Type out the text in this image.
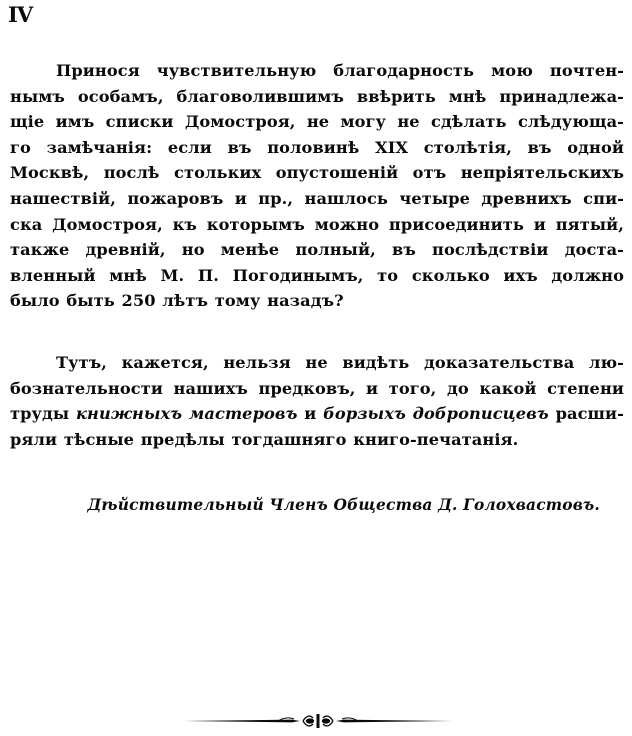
IV
Принося чувствительную благодарность мою почтен-
нымъ особамъ, благоволившимъ ввѣрить мнѣ принадлежа-
щіе имъ списки Домостроя, не могу не сдѣлать слѣдующа-
го замѣчанія: если въ половинѣ XIX столѣтія, въ одной
Москвѣ, послѣ стольких опустошеній отъ непріятельскихъ
нашествій, пожаровъ и пр., нашлось четыре древнихъ спи-
ска Домостроя, къ которымъ можно присоединить и пятый,
также древній, но менѣе полный, въ послѣдствіи доста-
вленный мнѣ М. П. Погодинымъ, то сколько ихъ должно
было быть 250 лѣтъ тому назадъ?
Тутъ, кажется, нельзя не видѣть доказательства лю-
бознательности нашихъ предковъ, и того, до какой степени
труды книжныхъ мастеровъ и борзыхъ доброписцевъ расши-
ряли тѣсные предѣлы тогдашняго книго-печатанія.
Дѣйствительный Членъ Общества Д. Голохвастовъ.
